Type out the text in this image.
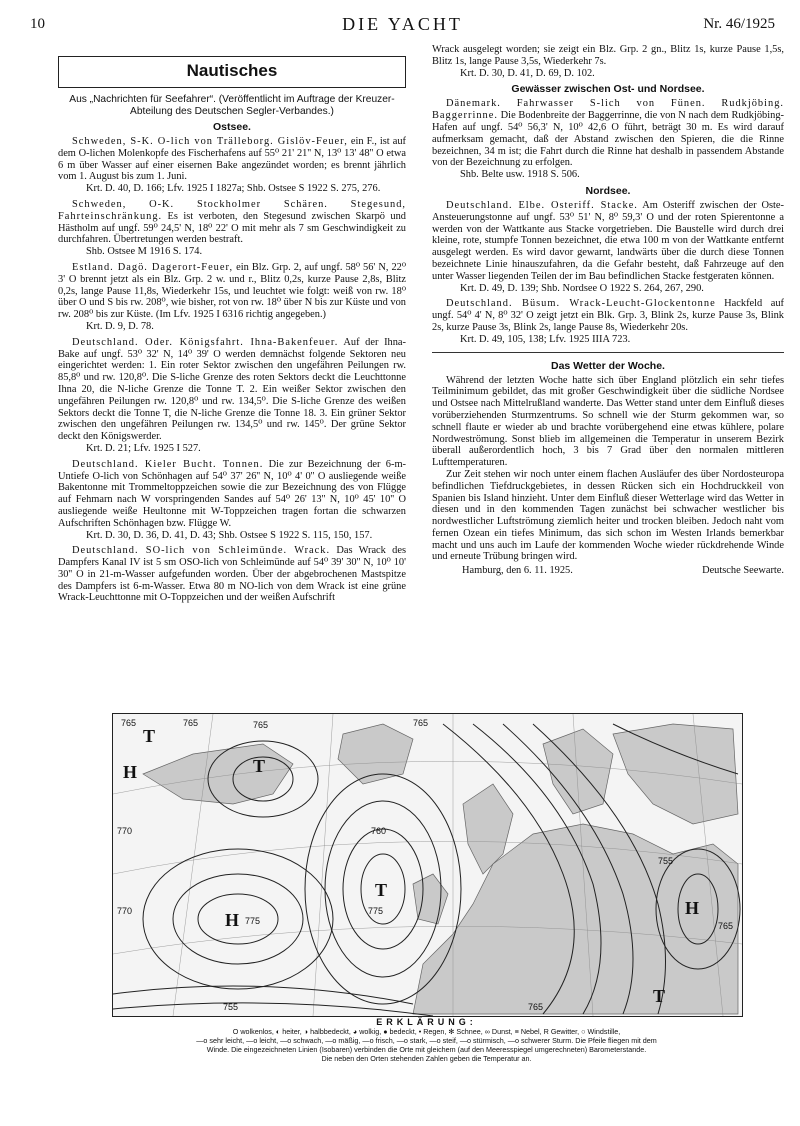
10	DIE YACHT	Nr. 46/1925
Nautisches

Aus „Nachrichten für Seefahrer“. (Veröffentlicht im Auftrage der Kreuzer-Abteilung des Deutschen Segler-Verbandes.)

Ostsee.

Schweden, S-K. O-lich von Trälleborg. Gislöv-Feuer, ein F., ist auf dem O-lichen Molenkopfe des Fischerhafens auf 55⁰ 21' 21'' N, 13⁰ 13' 48'' O etwa 6 m über Wasser auf einer eisernen Bake angezündet worden; es brennt jährlich vom 1. August bis zum 1. Juni.

Krt. D. 40, D. 166; Lfv. 1925 I 1827a; Shb. Ostsee S 1922 S. 275, 276.

Schweden, O-K. Stockholmer Schären. Stegesund, Fahrteinschränkung. Es ist verboten, den Stegesund zwischen Skarpö und Hästholm auf ungf. 59⁰ 24,5' N, 18⁰ 22' O mit mehr als 7 sm Geschwindigkeit zu durchfahren. Übertretungen werden bestraft.

Shb. Ostsee M 1916 S. 174.

Estland. Dagö. Dagerort-Feuer, ein Blz. Grp. 2, auf ungf. 58⁰ 56' N, 22⁰ 3' O brennt jetzt als ein Blz. Grp. 2 w. und r., Blitz 0,2s, kurze Pause 2,8s, Blitz 0,2s, lange Pause 11,8s, Wiederkehr 15s, und leuchtet wie folgt: weiß von rw. 18⁰ über O und S bis rw. 208⁰, wie bisher, rot von rw. 18⁰ über N bis zur Küste und von rw. 208⁰ bis zur Küste. (Im Lfv. 1925 I 6316 richtig angegeben.)

Krt. D. 9, D. 78.

Deutschland. Oder. Königsfahrt. Ihna-Bakenfeuer. Auf der Ihna-Bake auf ungf. 53⁰ 32' N, 14⁰ 39' O werden demnächst folgende Sektoren neu eingerichtet werden: 1. Ein roter Sektor zwischen den ungefähren Peilungen rw. 85,8⁰ und rw. 120,8⁰. Die S-liche Grenze des roten Sektors deckt die Leuchttonne Ihna 20, die N-liche Grenze die Tonne T. 2. Ein weißer Sektor zwischen den ungefähren Peilungen rw. 120,8⁰ und rw. 134,5⁰. Die S-liche Grenze des weißen Sektors deckt die Tonne T, die N-liche Grenze die Tonne 18. 3. Ein grüner Sektor zwischen den ungefähren Peilungen rw. 134,5⁰ und rw. 145⁰. Der grüne Sektor deckt den Königswerder.

Krt. D. 21; Lfv. 1925 I 527.

Deutschland. Kieler Bucht. Tonnen. Die zur Bezeichnung der 6-m-Untiefe O-lich von Schönhagen auf 54⁰ 37' 26'' N, 10⁰ 4' 0'' O ausliegende weiße Bakentonne mit Trommeltoppzeichen sowie die zur Bezeichnung des von Flügge auf Fehmarn nach W vorspringenden Sandes auf 54⁰ 26' 13'' N, 10⁰ 45' 10'' O ausliegende weiße Heultonne mit W-Toppzeichen tragen fortan die schwarzen Aufschriften Schönhagen bzw. Flügge W.

Krt. D. 30, D. 36, D. 41, D. 43; Shb. Ostsee S 1922 S. 115, 150, 157.

Deutschland. SO-lich von Schleimünde. Wrack. Das Wrack des Dampfers Kanal IV ist 5 sm OSO-lich von Schleimünde auf 54⁰ 39' 30'' N, 10⁰ 10' 30'' O in 21-m-Wasser aufgefunden worden. Über der abgebrochenen Mastspitze des Dampfers ist 6-m-Wasser. Etwa 80 m NO-lich von dem Wrack ist eine grüne Wrack-Leuchttonne mit O-Toppzeichen und der weißen Aufschrift

Wrack ausgelegt worden; sie zeigt ein Blz. Grp. 2 gn., Blitz 1s, kurze Pause 1,5s, Blitz 1s, lange Pause 3,5s, Wiederkehr 7s.

Krt. D. 30, D. 41, D. 69, D. 102.

Gewässer zwischen Ost- und Nordsee.

Dänemark. Fahrwasser S-lich von Fünen. Rudkjöbing. Baggerrinne. Die Bodenbreite der Baggerrinne, die von N nach dem Rudkjöbing-Hafen auf ungf. 54⁰ 56,3' N, 10⁰ 42,6 O führt, beträgt 30 m. Es wird darauf aufmerksam gemacht, daß der Abstand zwischen den Spieren, die die Rinne bezeichnen, 34 m ist; die Fahrt durch die Rinne hat deshalb in passendem Abstande von der Bezeichnung zu erfolgen.

Shb. Belte usw. 1918 S. 506.

Nordsee.

Deutschland. Elbe. Osteriff. Stacke. Am Osteriff zwischen der Oste-Ansteuerungstonne auf ungf. 53⁰ 51' N, 8⁰ 59,3' O und der roten Spierentonne a werden von der Wattkante aus Stacke vorgetrieben. Die Baustelle wird durch drei kleine, rote, stumpfe Tonnen bezeichnet, die etwa 100 m von der Wattkante entfernt ausgelegt werden. Es wird davor gewarnt, landwärts über die durch diese Tonnen bezeichnete Linie hinauszufahren, da die Gefahr besteht, daß Fahrzeuge auf den unter Wasser liegenden Teilen der im Bau befindlichen Stacke festgeraten können.

Krt. D. 49, D. 139; Shb. Nordsee O 1922 S. 264, 267, 290.

Deutschland. Büsum. Wrack-Leucht-Glockentonne Hackfeld auf ungf. 54⁰ 4' N, 8⁰ 32' O zeigt jetzt ein Blk. Grp. 3, Blink 2s, kurze Pause 3s, Blink 2s, kurze Pause 3s, Blink 2s, lange Pause 8s, Wiederkehr 20s.

Krt. D. 49, 105, 138; Lfv. 1925 IIIA 723.

Das Wetter der Woche.

Während der letzten Woche hatte sich über England plötzlich ein sehr tiefes Teilminimum gebildet, das mit großer Geschwindigkeit über die südliche Nordsee und Ostsee nach Mittelrußland wanderte. Das Wetter stand unter dem Einfluß dieses vorüberziehenden Sturmzentrums. So schnell wie der Sturm gekommen war, so schnell flaute er wieder ab und brachte vorübergehend eine etwas kühlere, polare Nordweströmung. Sonst blieb im allgemeinen die Temperatur in unserem Bezirk überall außerordentlich hoch, 3 bis 7 Grad über den normalen mittleren Lufttemperaturen.

Zur Zeit stehen wir noch unter einem flachen Ausläufer des über Nordosteuropa befindlichen Tiefdruckgebietes, in dessen Rücken sich ein Hochdruckkeil von Spanien bis Island hinzieht. Unter dem Einfluß dieser Wetterlage wird das Wetter in diesen und in den kommenden Tagen zunächst bei schwacher westlicher bis nordwestlicher Luftströmung ziemlich heiter und trocken bleiben. Jedoch naht vom fernen Ozean ein tiefes Minimum, das sich schon im Westen Irlands bemerkbar macht und uns auch im Laufe der kommenden Woche wieder rückdrehende Winde und erneute Trübung bringen wird.

Hamburg, den 6. 11. 1925.	Deutsche Seewarte.
765	765	765
770
770
775
775
760
755	765
765
755
765
H
H
T
T
H
T
T
ERKLÄRUNG:
O wolkenlos, ◐ heiter, ◑ halbbedeckt, ◕ wolkig, ● bedeckt, • Regen, ✻ Schnee, ∞ Dunst, ≡ Nebel, R Gewitter, ○ Windstille,
—o sehr leicht, —o leicht, —o schwach, —o mäßig, —o frisch, —o stark, —o steif, —o stürmisch, —o schwerer Sturm. Die Pfeile fliegen mit dem
Winde. Die eingezeichneten Linien (Isobaren) verbinden die Orte mit gleichem (auf den Meeresspiegel umgerechneten) Barometerstande.
Die neben den Orten stehenden Zahlen geben die Temperatur an.
